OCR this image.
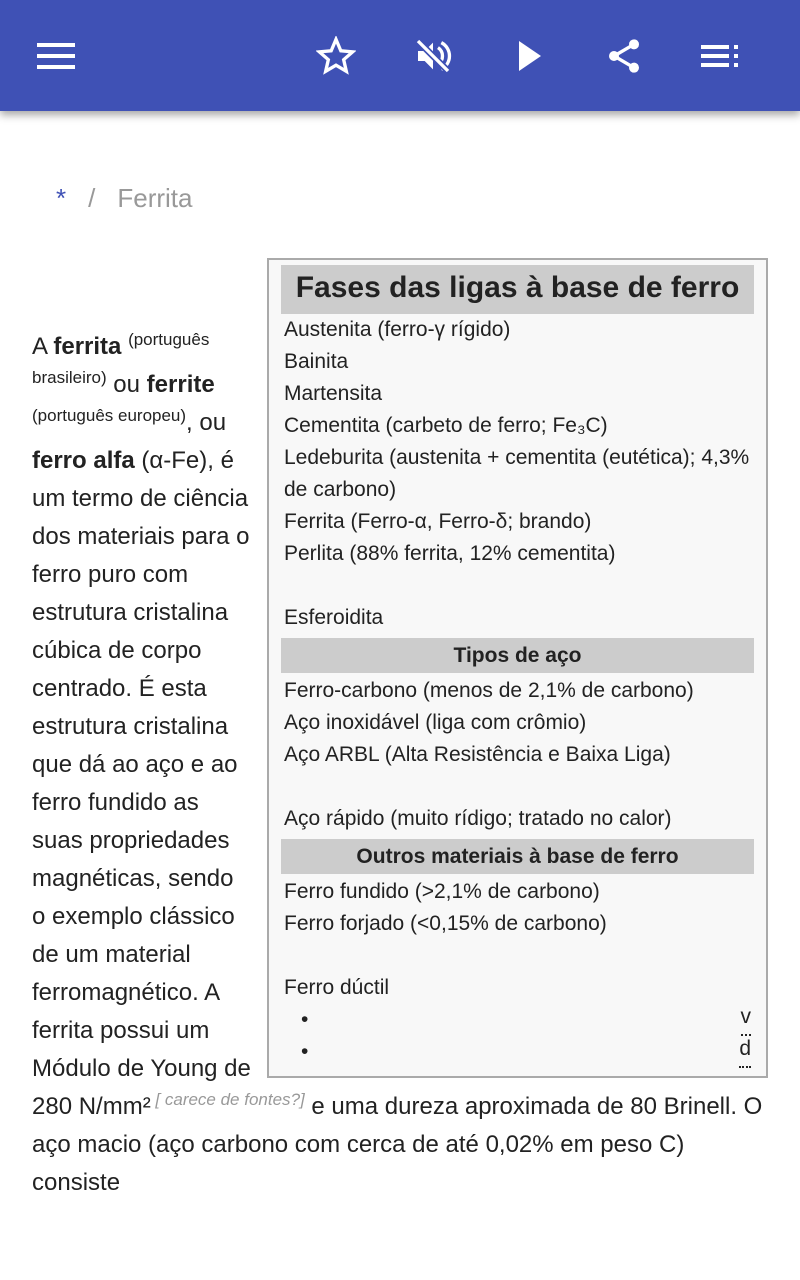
* / Ferrita
Fases das ligas à base de ferro
Austenita (ferro-γ rígido)
Bainita
Martensita
Cementita (carbeto de ferro; Fe₃C)
Ledeburita (austenita + cementita (eutética); 4,3% de carbono)
Ferrita (Ferro-α, Ferro-δ; brando)
Perlita (88% ferrita, 12% cementita)
Esferoidita
Tipos de aço
Ferro-carbono (menos de 2,1% de carbono)
Aço inoxidável (liga com crômio)
Aço ARBL (Alta Resistência e Baixa Liga)
Aço rápido (muito rídigo; tratado no calor)
Outros materiais à base de ferro
Ferro fundido (>2,1% de carbono)
Ferro forjado (<0,15% de carbono)
Ferro dúctil
•	v
•	d

A ferrita $^{(português brasileiro)}$ ou ferrite $^{(português europeu)}$, ou ferro alfa (α-Fe), é um termo de ciência dos materiais para o ferro puro com estrutura cristalina cúbica de corpo centrado. É esta estrutura cristalina que dá ao aço e ao ferro fundido as suas propriedades magnéticas, sendo o exemplo clássico de um material ferromagnético. A ferrita possui um Módulo de Young de 280 N/mm² [ carece de fontes?] e uma dureza aproximada de 80 Brinell. O aço macio (aço carbono com cerca de até 0,02% em peso C) consiste
